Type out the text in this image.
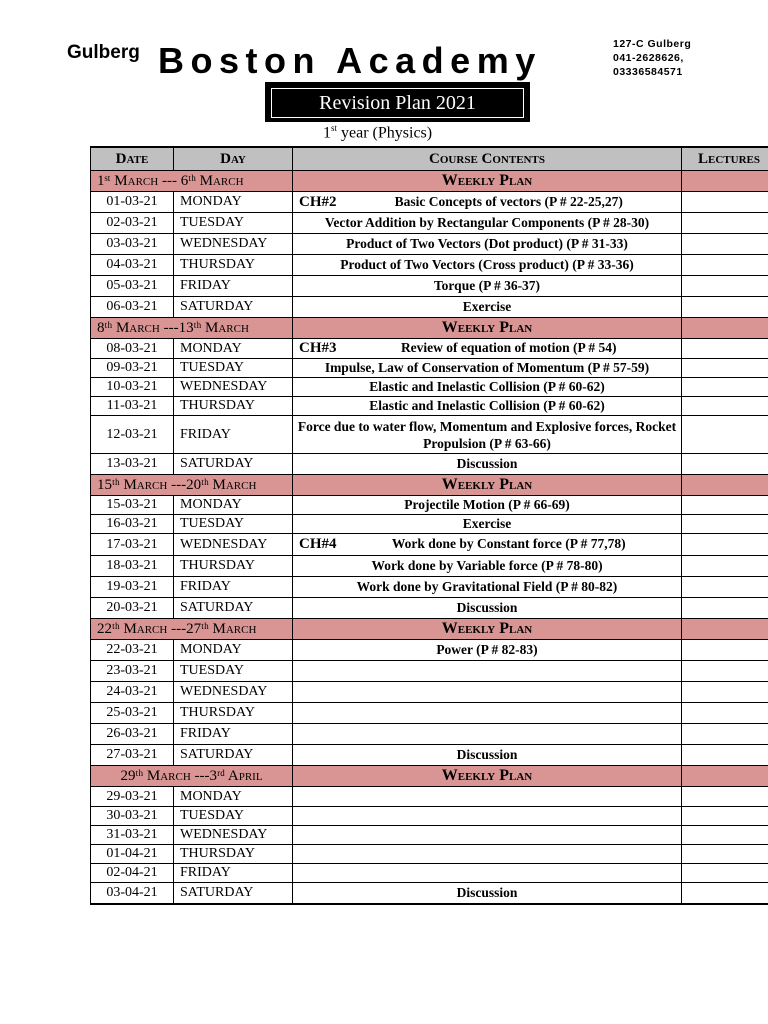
Gulberg Boston Academy	127-C Gulberg
041-2628626,
03336584571
Revision Plan 2021
1st year (Physics)
Date	Day	Course Contents	Lectures
1ˢᵗ March --- 6ᵗʰ March		Weekly Plan	
01-03-21	MONDAY	CH#2 Basic Concepts of vectors (P # 22-25,27)	
02-03-21	TUESDAY	Vector Addition by Rectangular Components (P # 28-30)	
03-03-21	WEDNESDAY	Product of Two Vectors (Dot product) (P # 31-33)	
04-03-21	THURSDAY	Product of Two Vectors (Cross product) (P # 33-36)	
05-03-21	FRIDAY	Torque (P # 36-37)	
06-03-21	SATURDAY	Exercise	
8ᵗʰ March ---13ᵗʰ March		Weekly Plan	
08-03-21	MONDAY	CH#3 Review of equation of motion (P # 54)	
09-03-21	TUESDAY	Impulse, Law of Conservation of Momentum (P # 57-59)	
10-03-21	WEDNESDAY	Elastic and Inelastic Collision (P # 60-62)	
11-03-21	THURSDAY	Elastic and Inelastic Collision (P # 60-62)	
12-03-21	FRIDAY	Force due to water flow, Momentum and Explosive forces, Rocket Propulsion (P # 63-66)	
13-03-21	SATURDAY	Discussion	
15ᵗʰ March ---20ᵗʰ March		Weekly Plan	
15-03-21	MONDAY	Projectile Motion (P # 66-69)	
16-03-21	TUESDAY	Exercise	
17-03-21	WEDNESDAY	CH#4 Work done by Constant force (P # 77,78)	
18-03-21	THURSDAY	Work done by Variable force (P # 78-80)	
19-03-21	FRIDAY	Work done by Gravitational Field (P # 80-82)	
20-03-21	SATURDAY	Discussion	
22ᵗʰ March ---27ᵗʰ March		Weekly Plan	
22-03-21	MONDAY	Power (P # 82-83)	
23-03-21	TUESDAY		
24-03-21	WEDNESDAY		
25-03-21	THURSDAY		
26-03-21	FRIDAY		
27-03-21	SATURDAY	Discussion	
29ᵗʰ March ---3ʳᵈ April		Weekly Plan	
29-03-21	MONDAY		
30-03-21	TUESDAY		
31-03-21	WEDNESDAY		
01-04-21	THURSDAY		
02-04-21	FRIDAY		
03-04-21	SATURDAY	Discussion	
